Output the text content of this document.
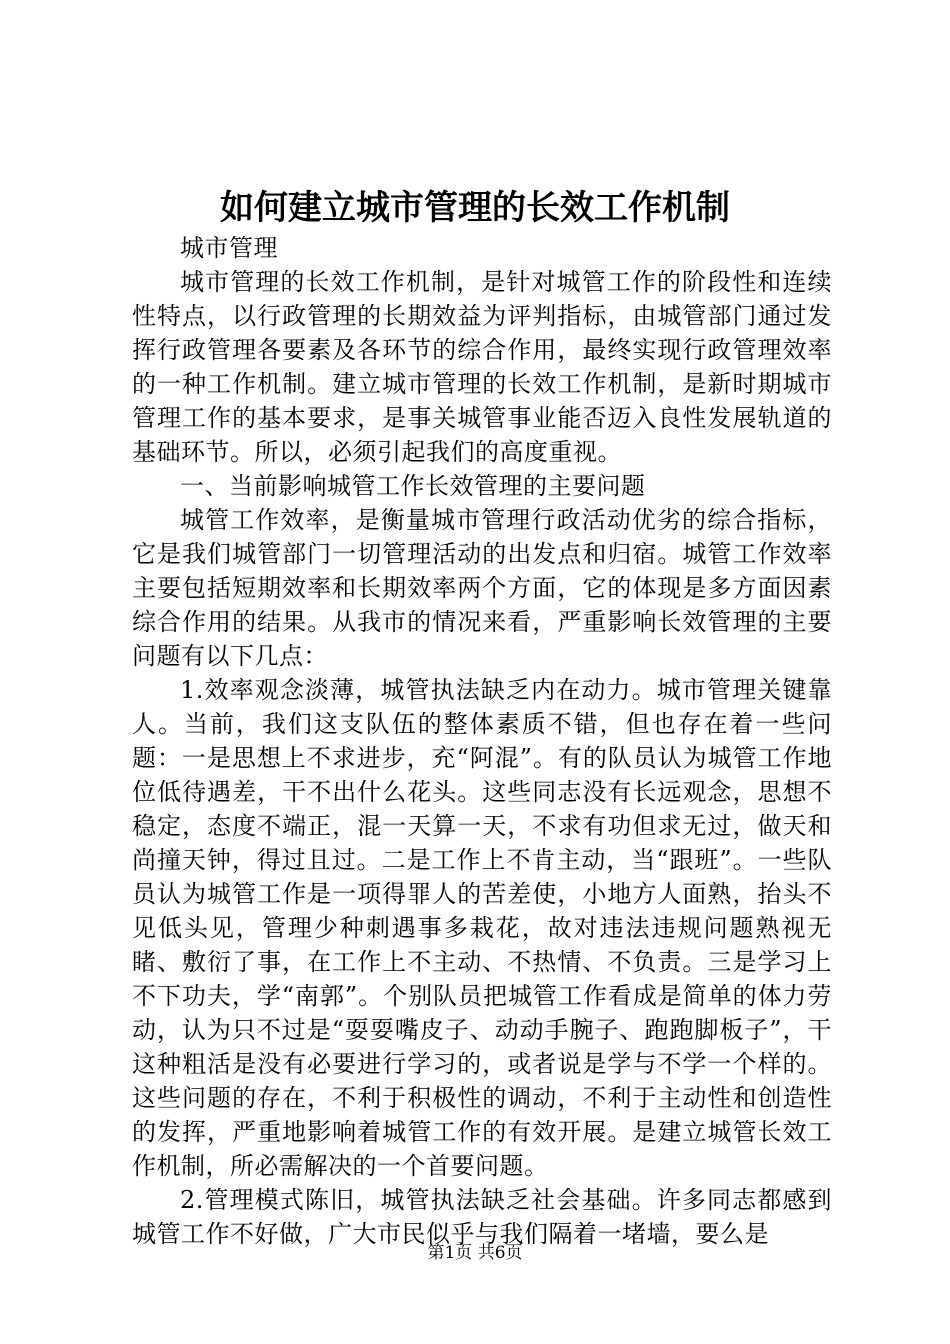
如何建立城市管理的长效工作机制

城市管理

城市管理的长效工作机制，是针对城管工作的阶段性和连续性特点，以行政管理的长期效益为评判指标，由城管部门通过发挥行政管理各要素及各环节的综合作用，最终实现行政管理效率的一种工作机制。建立城市管理的长效工作机制，是新时期城市管理工作的基本要求，是事关城管事业能否迈入良性发展轨道的基础环节。所以，必须引起我们的高度重视。

一、当前影响城管工作长效管理的主要问题

城管工作效率，是衡量城市管理行政活动优劣的综合指标，它是我们城管部门一切管理活动的出发点和归宿。城管工作效率主要包括短期效率和长期效率两个方面，它的体现是多方面因素综合作用的结果。从我市的情况来看，严重影响长效管理的主要问题有以下几点：

1.效率观念淡薄，城管执法缺乏内在动力。城市管理关键靠人。当前，我们这支队伍的整体素质不错，但也存在着一些问题：一是思想上不求进步，充“阿混”。有的队员认为城管工作地位低待遇差，干不出什么花头。这些同志没有长远观念，思想不稳定，态度不端正，混一天算一天，不求有功但求无过，做天和尚撞天钟，得过且过。二是工作上不肯主动，当“跟班”。一些队员认为城管工作是一项得罪人的苦差使，小地方人面熟，抬头不见低头见，管理少种刺遇事多栽花，故对违法违规问题熟视无睹、敷衍了事，在工作上不主动、不热情、不负责。三是学习上不下功夫，学“南郭”。个别队员把城管工作看成是简单的体力劳动，认为只不过是“耍耍嘴皮子、动动手腕子、跑跑脚板子”，干这种粗活是没有必要进行学习的，或者说是学与不学一个样的。这些问题的存在，不利于积极性的调动，不利于主动性和创造性的发挥，严重地影响着城管工作的有效开展。是建立城管长效工作机制，所必需解决的一个首要问题。

2.管理模式陈旧，城管执法缺乏社会基础。许多同志都感到城管工作不好做，广大市民似乎与我们隔着一堵墙，要么是

第1页 共6页
